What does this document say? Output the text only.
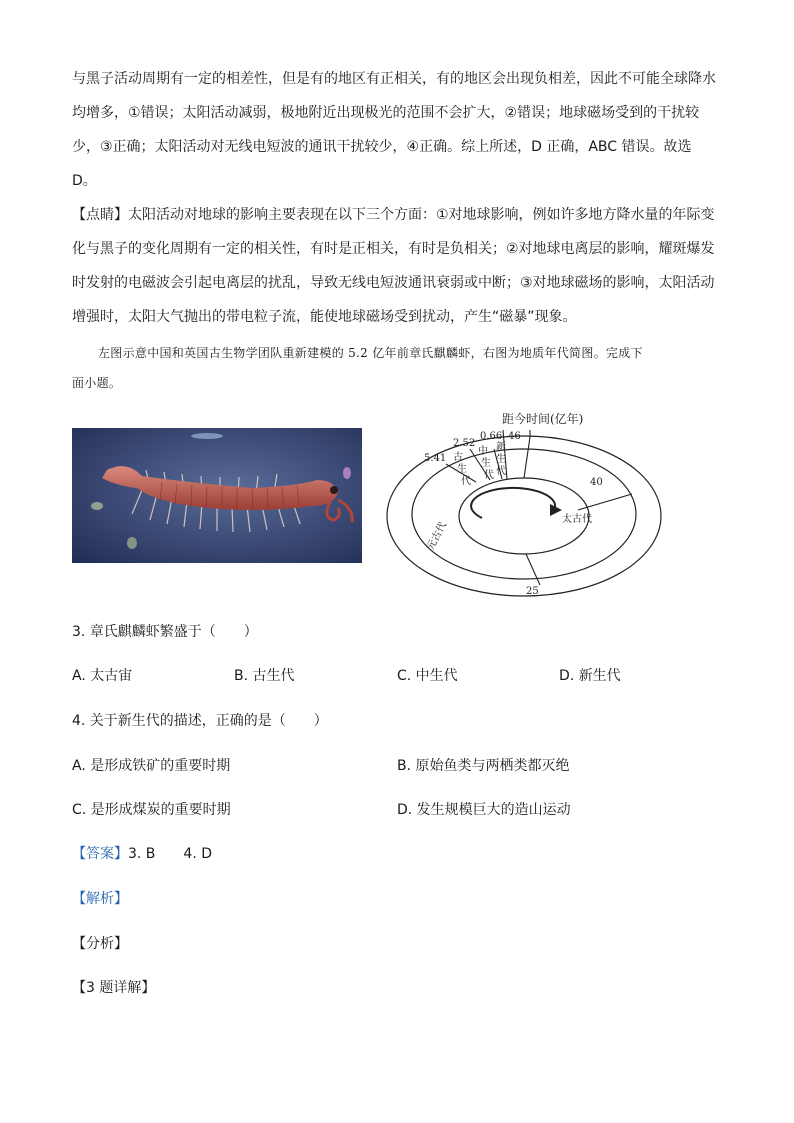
与黑子活动周期有一定的相差性，但是有的地区有正相关，有的地区会出现负相差，因此不可能全球降水

均增多，①错误；太阳活动减弱，极地附近出现极光的范围不会扩大，②错误；地球磁场受到的干扰较

少，③正确；太阳活动对无线电短波的通讯干扰较少，④正确。综上所述，D 正确，ABC 错误。故选

D。

【点睛】太阳活动对地球的影响主要表现在以下三个方面：①对地球影响，例如许多地方降水量的年际变

化与黑子的变化周期有一定的相关性，有时是正相关，有时是负相关；②对地球电离层的影响，耀斑爆发

时发射的电磁波会引起电离层的扰乱，导致无线电短波通讯衰弱或中断；③对地球磁场的影响，太阳活动

增强时，太阳大气抛出的带电粒子流，能使地球磁场受到扰动，产生“磁暴”现象。

左图示意中国和英国古生物学团队重新建模的 5.2 亿年前章氏麒麟虾，右图为地质年代简图。完成下

面小题。

距今时间(亿年)
5.41
2.52
0.66 46
40
25
古
生
代
中
生
代
新
生
代
太古代
元古代

3. 章氏麒麟虾繁盛于（　　）

A. 太古宙	B. 古生代	C. 中生代	D. 新生代

4. 关于新生代的描述，正确的是（　　）

A. 是形成铁矿的重要时期	B. 原始鱼类与两栖类都灭绝
C. 是形成煤炭的重要时期	D. 发生规模巨大的造山运动

【答案】3. B　　4. D

【解析】

【分析】

【3 题详解】
